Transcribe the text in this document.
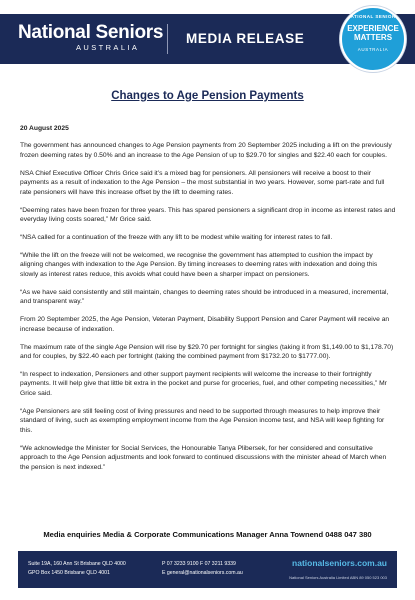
National Seniors
AUSTRALIA
MEDIA RELEASE
NATIONAL SENIORS
EXPERIENCE MATTERS
AUSTRALIA
Changes to Age Pension Payments
20 August 2025

The government has announced changes to Age Pension payments from 20 September 2025 including a lift on the previously frozen deeming rates by 0.50% and an increase to the Age Pension of up to $29.70 for singles and $22.40 each for couples.

NSA Chief Executive Officer Chris Grice said it’s a mixed bag for pensioners. All pensioners will receive a boost to their payments as a result of indexation to the Age Pension – the most substantial in two years. However, some part-rate and full rate pensioners will have this increase offset by the lift to deeming rates.

“Deeming rates have been frozen for three years. This has spared pensioners a significant drop in income as interest rates and everyday living costs soared,” Mr Grice said.

“NSA called for a continuation of the freeze with any lift to be modest while waiting for interest rates to fall.

“While the lift on the freeze will not be welcomed, we recognise the government has attempted to cushion the impact by aligning changes with indexation to the Age Pension. By timing increases to deeming rates with indexation and doing this slowly as interest rates reduce, this avoids what could have been a sharper impact on pensioners.

“As we have said consistently and still maintain, changes to deeming rates should be introduced in a measured, incremental, and transparent way.”

From 20 September 2025, the Age Pension, Veteran Payment, Disability Support Pension and Carer Payment will receive an increase because of indexation.

The maximum rate of the single Age Pension will rise by $29.70 per fortnight for singles (taking it from $1,149.00 to $1,178.70) and for couples, by $22.40 each per fortnight (taking the combined payment from $1732.20 to $1777.00).

“In respect to indexation, Pensioners and other support payment recipients will welcome the increase to their fortnightly payments. It will help give that little bit extra in the pocket and purse for groceries, fuel, and other competing necessities,” Mr Grice said.

“Age Pensioners are still feeling cost of living pressures and need to be supported through measures to help improve their standard of living, such as exempting employment income from the Age Pension income test, and NSA will keep fighting for this.

“We acknowledge the Minister for Social Services, the Honourable Tanya Plibersek, for her considered and consultative approach to the Age Pension adjustments and look forward to continued discussions with the minister ahead of March when the pension is next indexed.”

Media enquiries Media & Corporate Communications Manager Anna Townend 0488 047 380
Suite 19A, 160 Ann St Brisbane QLD 4000
GPO Box 1450 Brisbane QLD 4001
P 07 3233 9100 F 07 3211 9339
E general@nationalseniors.com.au
nationalseniors.com.au
National Seniors Australia Limited ABN 89 050 523 003
